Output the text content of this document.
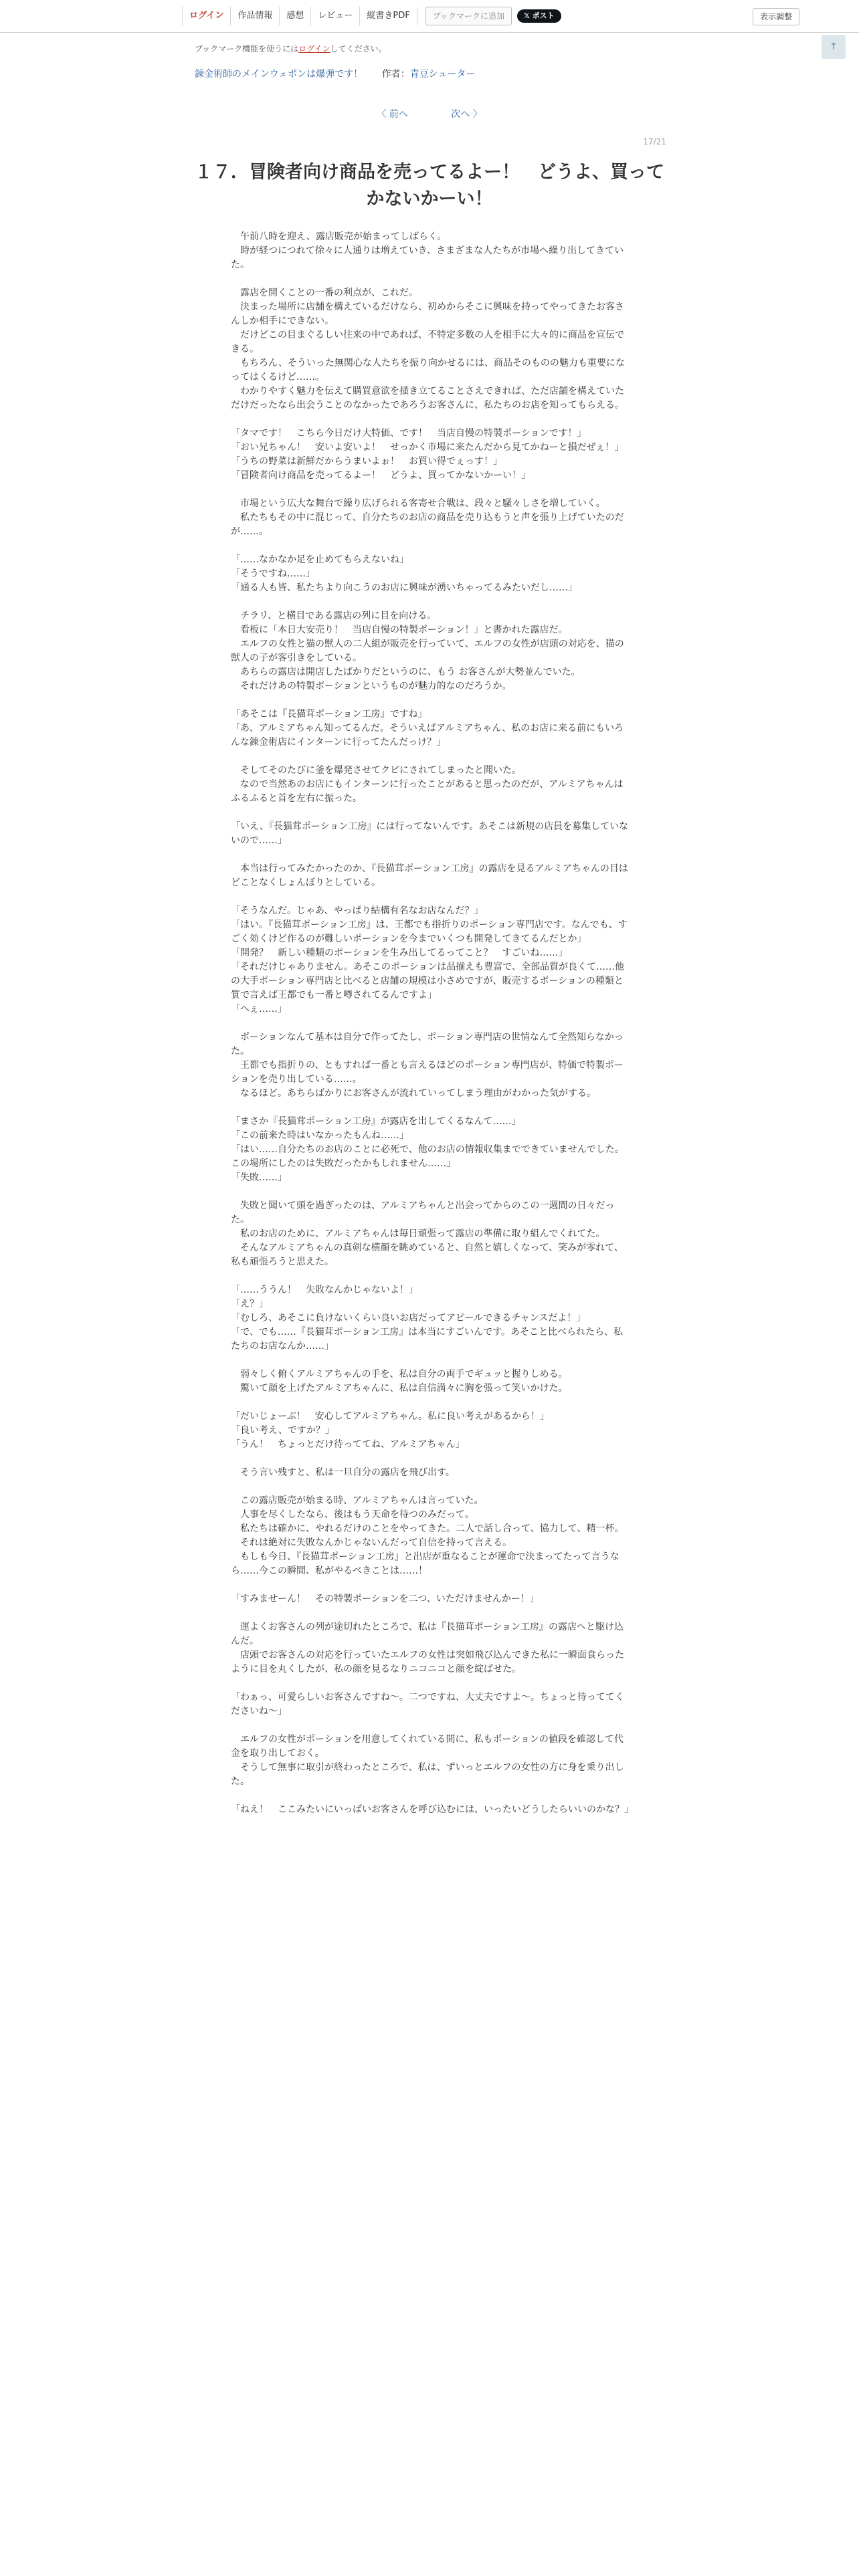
ログイン	作品情報	感想	レビュー	縦書きPDF	ブックマークに追加	𝕏 ポスト	表示調整
↑
ブックマーク機能を使うにはログインしてください。
錬金術師のメインウェポンは爆弾です！ 作者：青豆シューター
〈 前へ	次へ 〉
17/21
１７．冒険者向け商品を売ってるよー！　どうよ、買ってかないかーい！
　午前八時を迎え、露店販売が始まってしばらく。
　時が経つにつれて徐々に人通りは増えていき、さまざまな人たちが市場へ繰り出してきていた。

　露店を開くことの一番の利点が、これだ。
　決まった場所に店舗を構えているだけなら、初めからそこに興味を持ってやってきたお客さんしか相手にできない。
　だけどこの目まぐるしい往来の中であれば、不特定多数の人を相手に大々的に商品を宣伝できる。
　もちろん、そういった無関心な人たちを振り向かせるには、商品そのものの魅力も重要になってはくるけど……。
　わかりやすく魅力を伝えて購買意欲を掻き立てることさえできれば、ただ店舗を構えていただけだったなら出会うことのなかったであろうお客さんに、私たちのお店を知ってもらえる。

「タマです！　こちら今日だけ大特価、です！　当店自慢の特製ポーションです！」
「おい兄ちゃん！　安いよ安いよ！　せっかく市場に来たんだから見てかねーと損だぜぇ！」
「うちの野菜は新鮮だからうまいよぉ！　お買い得でぇっす！」
「冒険者向け商品を売ってるよー！　どうよ、買ってかないかーい！」

　市場という広大な舞台で繰り広げられる客寄せ合戦は、段々と騒々しさを増していく。
　私たちもその中に混じって、自分たちのお店の商品を売り込もうと声を張り上げていたのだが……。

「……なかなか足を止めてもらえないね」
「そうですね……」
「通る人も皆、私たちより向こうのお店に興味が湧いちゃってるみたいだし……」

　チラリ、と横目である露店の列に目を向ける。
　看板に「本日大安売り！　当店自慢の特製ポーション！」と書かれた露店だ。
　エルフの女性と猫の獣人の二人組が販売を行っていて、エルフの女性が店頭の対応を、猫の獣人の子が客引きをしている。
　あちらの露店は開店したばかりだというのに、もう お客さんが大勢並んでいた。
　それだけあの特製ポーションというものが魅力的なのだろうか。

「あそこは『長猫茸ポーション工房』ですね」
「あ、アルミアちゃん知ってるんだ。そういえばアルミアちゃん、私のお店に来る前にもいろんな錬金術店にインターンに行ってたんだっけ？」

　そしてそのたびに釜を爆発させてクビにされてしまったと聞いた。
　なので当然あのお店にもインターンに行ったことがあると思ったのだが、アルミアちゃんはふるふると首を左右に振った。

「いえ、『長猫茸ポーション工房』には行ってないんです。あそこは新規の店員を募集していないので……」

　本当は行ってみたかったのか、『長猫茸ポーション工房』の露店を見るアルミアちゃんの目はどことなくしょんぼりとしている。

「そうなんだ。じゃあ、やっぱり結構有名なお店なんだ？」
「はい。『長猫茸ポーション工房』は、王都でも指折りのポーション専門店です。なんでも、すごく効くけど作るのが難しいポーションを今までいくつも開発してきてるんだとか」
「開発？　新しい種類のポーションを生み出してるってこと？　すごいね……」
「それだけじゃありません。あそこのポーションは品揃えも豊富で、全部品質が良くて……他の大手ポーション専門店と比べると店舗の規模は小さめですが、販売するポーションの種類と質で言えば王都でも一番と噂されてるんですよ」
「へぇ……」

　ポーションなんて基本は自分で作ってたし、ポーション専門店の世情なんて全然知らなかった。
　王都でも指折りの、ともすれば一番とも言えるほどのポーション専門店が、特価で特製ポーションを売り出している……。
　なるほど。あちらばかりにお客さんが流れていってしまう理由がわかった気がする。

「まさか『長猫茸ポーション工房』が露店を出してくるなんて……」
「この前来た時はいなかったもんね……」
「はい……自分たちのお店のことに必死で、他のお店の情報収集までできていませんでした。この場所にしたのは失敗だったかもしれません……」
「失敗……」

　失敗と聞いて頭を過ぎったのは、アルミアちゃんと出会ってからのこの一週間の日々だった。
　私のお店のために、アルミアちゃんは毎日頑張って露店の準備に取り組んでくれてた。
　そんなアルミアちゃんの真剣な横顔を眺めていると、自然と嬉しくなって、笑みが零れて、私も頑張ろうと思えた。

「……ううん！　失敗なんかじゃないよ！」
「え？」
「むしろ、あそこに負けないくらい良いお店だってアピールできるチャンスだよ！」
「で、でも……『長猫茸ポーション工房』は本当にすごいんです。あそこと比べられたら、私たちのお店なんか……」

　弱々しく俯くアルミアちゃんの手を、私は自分の両手でギュッと握りしめる。
　驚いて顔を上げたアルミアちゃんに、私は自信満々に胸を張って笑いかけた。

「だいじょーぶ！　安心してアルミアちゃん。私に良い考えがあるから！」
「良い考え、ですか？」
「うん！　ちょっとだけ待っててね、アルミアちゃん」

　そう言い残すと、私は一旦自分の露店を飛び出す。

　この露店販売が始まる時、アルミアちゃんは言っていた。
　人事を尽くしたなら、後はもう天命を待つのみだって。
　私たちは確かに、やれるだけのことをやってきた。二人で話し合って、協力して、精一杯。
　それは絶対に失敗なんかじゃないんだって自信を持って言える。
　もしも今日、『長猫茸ポーション工房』と出店が重なることが運命で決まってたって言うなら……今この瞬間、私がやるべきことは……！

「すみませーん！　その特製ポーションを二つ、いただけませんかー！」

　運よくお客さんの列が途切れたところで、私は『長猫茸ポーション工房』の露店へと駆け込んだ。
　店頭でお客さんの対応を行っていたエルフの女性は突如飛び込んできた私に一瞬面食らったように目を丸くしたが、私の顔を見るなりニコニコと顔を綻ばせた。

「わぁっ、可愛らしいお客さんですね〜。二つですね、大丈夫ですよ〜。ちょっと待っててくださいね〜」

　エルフの女性がポーションを用意してくれている間に、私もポーションの値段を確認して代金を取り出しておく。
　そうして無事に取引が終わったところで、私は、ずいっとエルフの女性の方に身を乗り出した。

「ねえ！　ここみたいにいっぱいお客さんを呼び込むには、いったいどうしたらいいのかな？」
